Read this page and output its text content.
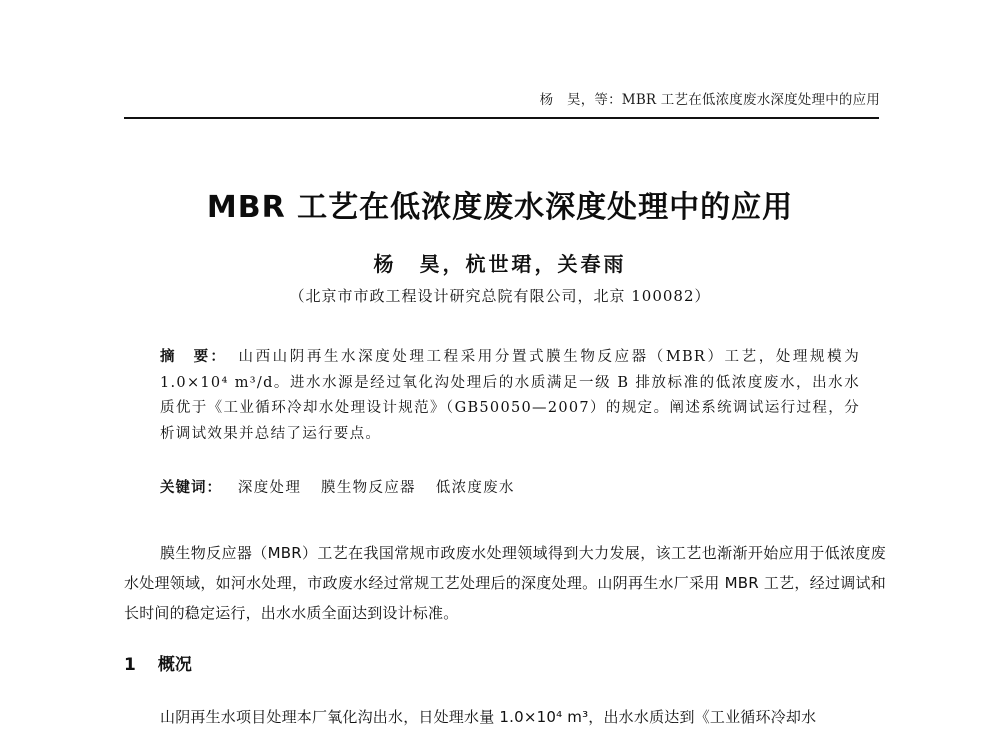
杨　昊，等：MBR 工艺在低浓度废水深度处理中的应用
MBR 工艺在低浓度废水深度处理中的应用
杨　昊，杭世珺，关春雨
（北京市市政工程设计研究总院有限公司，北京 100082）
摘　要： 山西山阴再生水深度处理工程采用分置式膜生物反应器（MBR）工艺，处理规模为 1.0×10⁴ m³/d。进水水源是经过氧化沟处理后的水质满足一级 B 排放标准的低浓度废水，出水水质优于《工业循环冷却水处理设计规范》（GB50050—2007）的规定。阐述系统调试运行过程，分析调试效果并总结了运行要点。
关键词： 深度处理 膜生物反应器 低浓度废水
膜生物反应器（MBR）工艺在我国常规市政废水处理领域得到大力发展，该工艺也渐渐开始应用于低浓度废水处理领域，如河水处理，市政废水经过常规工艺处理后的深度处理。山阴再生水厂采用 MBR 工艺，经过调试和长时间的稳定运行，出水水质全面达到设计标准。
1 概况
山阴再生水项目处理本厂氧化沟出水，日处理水量 1.0×10⁴ m³，出水水质达到《工业循环冷却水
